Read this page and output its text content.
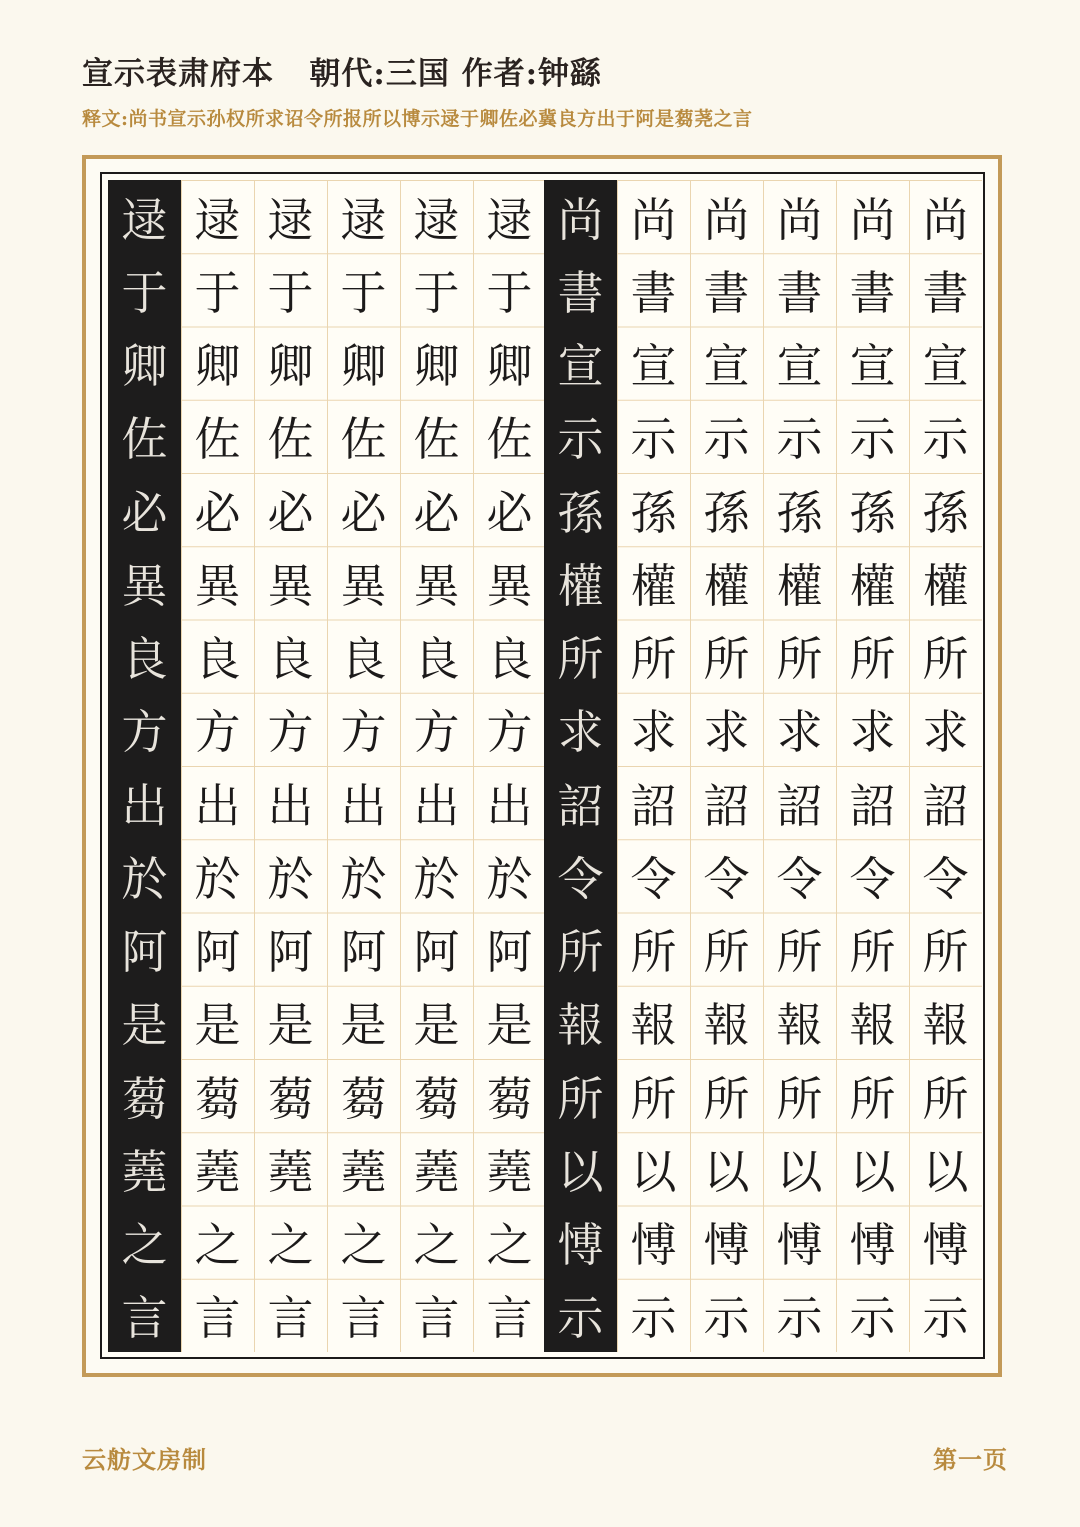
宣示表肃府本   朝代:三国 作者:钟繇
释文:尚书宣示孙权所求诏令所报所以博示逯于卿佐必冀良方出于阿是蒭荛之言
逯
于
卿
佐
必
異
良
方
出
於
阿
是
蒭
蕘
之
言
逯
于
卿
佐
必
異
良
方
出
於
阿
是
蒭
蕘
之
言
逯
于
卿
佐
必
異
良
方
出
於
阿
是
蒭
蕘
之
言
逯
于
卿
佐
必
異
良
方
出
於
阿
是
蒭
蕘
之
言
逯
于
卿
佐
必
異
良
方
出
於
阿
是
蒭
蕘
之
言
逯
于
卿
佐
必
異
良
方
出
於
阿
是
蒭
蕘
之
言
尚
書
宣
示
孫
權
所
求
詔
令
所
報
所
以
愽
示
尚
書
宣
示
孫
權
所
求
詔
令
所
報
所
以
愽
示
尚
書
宣
示
孫
權
所
求
詔
令
所
報
所
以
愽
示
尚
書
宣
示
孫
權
所
求
詔
令
所
報
所
以
愽
示
尚
書
宣
示
孫
權
所
求
詔
令
所
報
所
以
愽
示
尚
書
宣
示
孫
權
所
求
詔
令
所
報
所
以
愽
示
云舫文房制	第一页
